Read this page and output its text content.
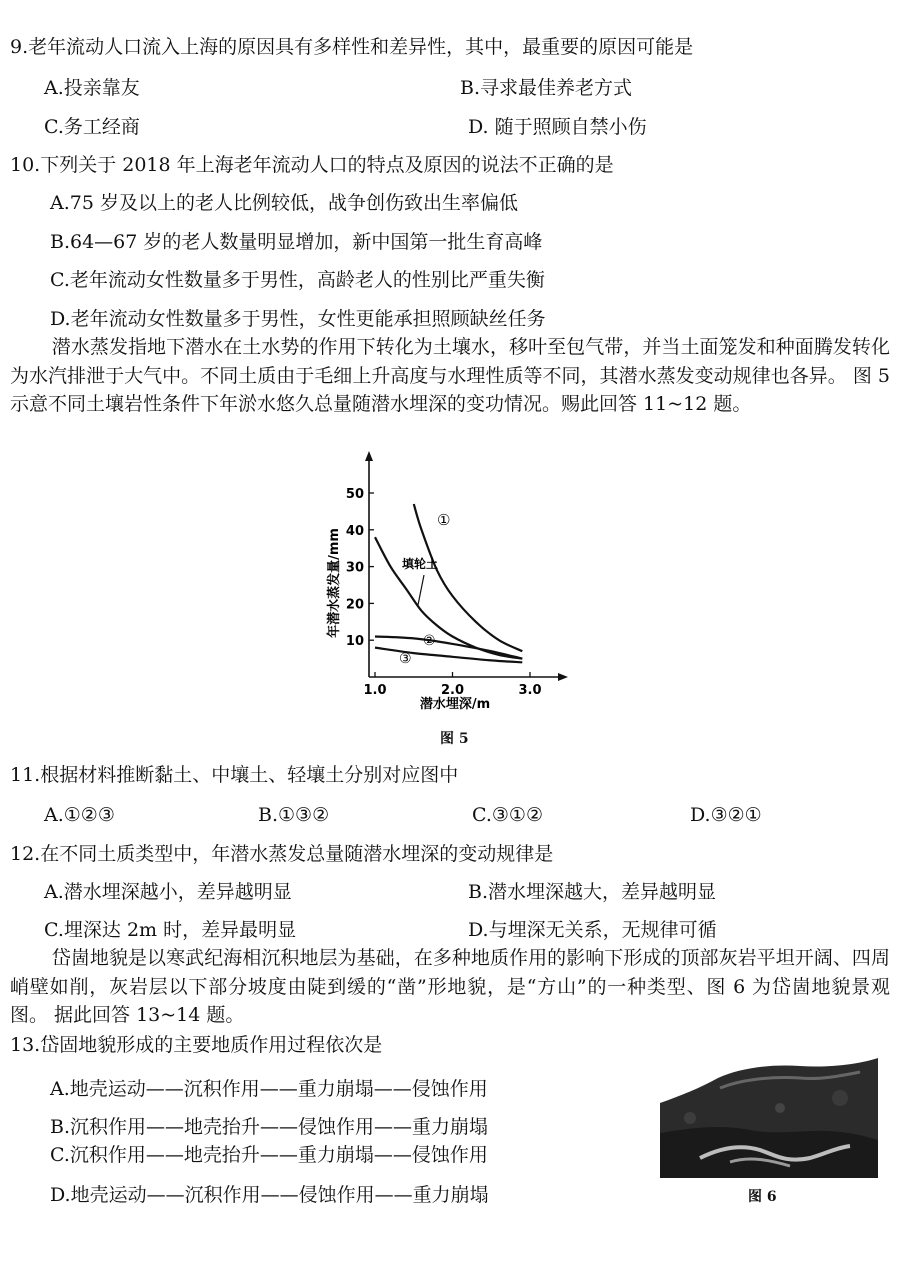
9.老年流动人口流入上海的原因具有多样性和差异性，其中，最重要的原因可能是
A.投亲靠友	B.寻求最佳养老方式
C.务工经商	D. 随于照顾自禁小伤
10.下列关于 2018 年上海老年流动人口的特点及原因的说法不正确的是
A.75 岁及以上的老人比例较低，战争创伤致出生率偏低
B.64—67 岁的老人数量明显增加，新中国第一批生育高峰
C.老年流动女性数量多于男性，高龄老人的性别比严重失衡
D.老年流动女性数量多于男性，女性更能承担照顾缺丝任务
潜水蒸发指地下潜水在土水势的作用下转化为土壤水，移叶至包气带，并当土面笼发和种面腾发转化为水汽排泄于大气中。不同土质由于毛细上升高度与水理性质等不同，其潜水蒸发变动规律也各异。 图 5 示意不同土壤岩性条件下年淤水悠久总量随潜水埋深的变功情况。赐此回答 11~12 题。
10
20
30
40
50
1.0	2.0	3.0
年潜水蒸发量/mm
潜水埋深/m
填轮土
①
②
③
图 5
11.根据材料推断黏土、中壤土、轻壤土分别对应图中
A.①②③	B.①③②	C.③①②	D.③②①
12.在不同土质类型中，年潜水蒸发总量随潜水埋深的变动规律是
A.潜水埋深越小，差异越明显	B.潜水埋深越大，差异越明显
C.埋深达 2m 时，差异最明显	D.与埋深无关系，无规律可循
岱崮地貌是以寒武纪海相沉积地层为基础，在多种地质作用的影响下形成的顶部灰岩平坦开阔、四周峭壁如削，灰岩层以下部分坡度由陡到缓的“凿”形地貌，是“方山”的一种类型、图 6 为岱崮地貌景观图。 据此回答 13~14 题。
13.岱固地貌形成的主要地质作用过程依次是
A.地壳运动——沉积作用——重力崩塌——侵蚀作用
B.沉积作用——地壳抬升——侵蚀作用——重力崩塌
C.沉积作用——地壳抬升——重力崩塌——侵蚀作用
D.地壳运动——沉积作用——侵蚀作用——重力崩塌	图 6
